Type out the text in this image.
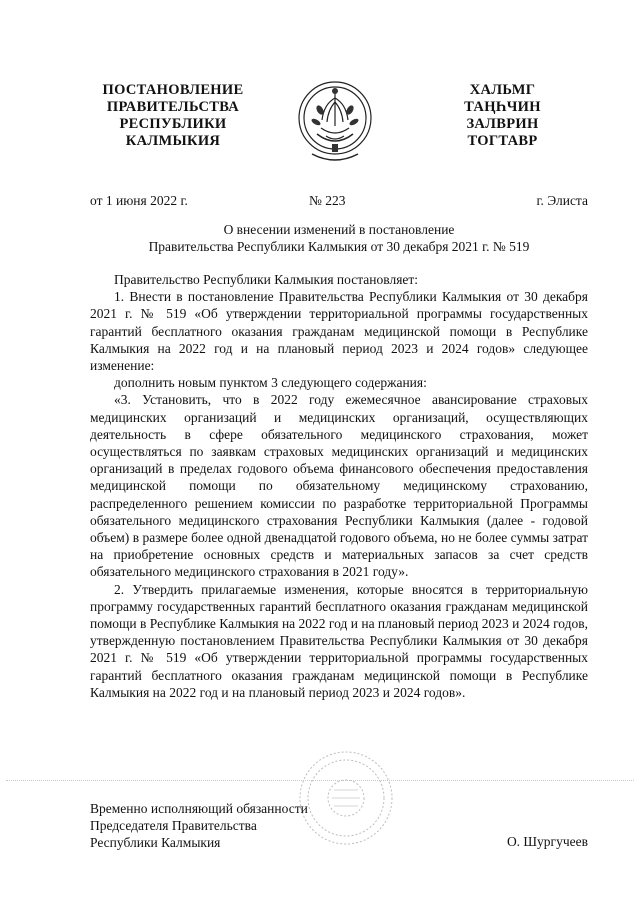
ПОСТАНОВЛЕНИЕ
ПРАВИТЕЛЬСТВА
РЕСПУБЛИКИ
КАЛМЫКИЯ
ХАЛЬМГ
ТАҢҺЧИН
ЗАЛВРИН
ТОГТАВР
от 1 июня 2022 г.	№ 223	г. Элиста
О внесении изменений в постановление
Правительства Республики Калмыкия от 30 декабря 2021 г. № 519

Правительство Республики Калмыкия постановляет:

1. Внести в постановление Правительства Республики Калмыкия от 30 декабря 2021 г. № 519 «Об утверждении территориальной программы государственных гарантий бесплатного оказания гражданам медицинской помощи в Республике Калмыкия на 2022 год и на плановый период 2023 и 2024 годов» следующее изменение:

дополнить новым пунктом 3 следующего содержания:

«3. Установить, что в 2022 году ежемесячное авансирование страховых медицинских организаций и медицинских организаций, осуществляющих деятельность в сфере обязательного медицинского страхования, может осуществляться по заявкам страховых медицинских организаций и медицинских организаций в пределах годового объема финансового обеспечения предоставления медицинской помощи по обязательному медицинскому страхованию, распределенного решением комиссии по разработке территориальной Программы обязательного медицинского страхования Республики Калмыкия (далее - годовой объем) в размере более одной двенадцатой годового объема, но не более суммы затрат на приобретение основных средств и материальных запасов за счет средств обязательного медицинского страхования в 2021 году».

2. Утвердить прилагаемые изменения, которые вносятся в территориальную программу государственных гарантий бесплатного оказания гражданам медицинской помощи в Республике Калмыкия на 2022 год и на плановый период 2023 и 2024 годов, утвержденную постановлением Правительства Республики Калмыкия от 30 декабря 2021 г. № 519 «Об утверждении территориальной программы государственных гарантий бесплатного оказания гражданам медицинской помощи в Республике Калмыкия на 2022 год и на плановый период 2023 и 2024 годов».

Временно исполняющий обязанности
Председателя Правительства
Республики Калмыкия	О. Шургучеев
